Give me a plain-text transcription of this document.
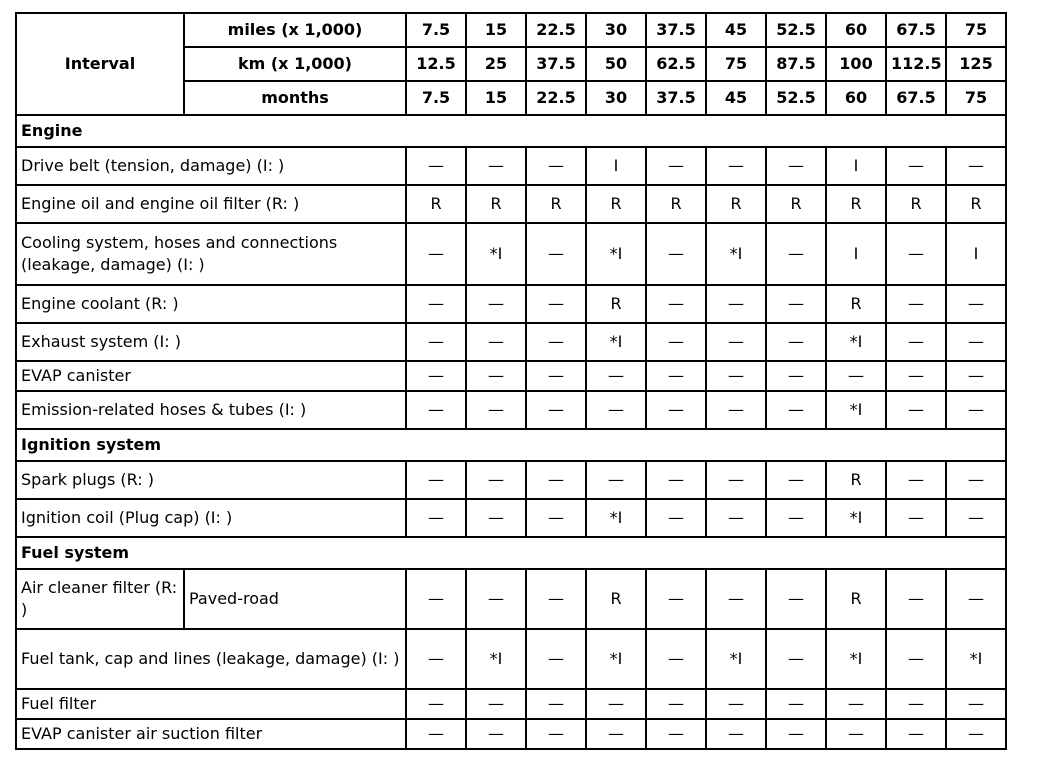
Interval	miles (x 1,000)	7.5	15	22.5	30	37.5	45	52.5	60	67.5	75
	km (x 1,000)	12.5	25	37.5	50	62.5	75	87.5	100	112.5	125
	months	7.5	15	22.5	30	37.5	45	52.5	60	67.5	75
Engine											
Drive belt (tension, damage) (I: )		—	—	—	I	—	—	—	I	—	—
Engine oil and engine oil filter (R: )		R	R	R	R	R	R	R	R	R	R
Cooling system, hoses and connections (leakage, damage) (I: )		—	*I	—	*I	—	*I	—	I	—	I
Engine coolant (R: )		—	—	—	R	—	—	—	R	—	—
Exhaust system (I: )		—	—	—	*I	—	—	—	*I	—	—
EVAP canister		—	—	—	—	—	—	—	—	—	—
Emission-related hoses & tubes (I: )		—	—	—	—	—	—	—	*I	—	—
Ignition system											
Spark plugs (R: )		—	—	—	—	—	—	—	R	—	—
Ignition coil (Plug cap) (I: )		—	—	—	*I	—	—	—	*I	—	—
Fuel system											
Air cleaner filter (R: )	Paved-road	—	—	—	R	—	—	—	R	—	—
Fuel tank, cap and lines (leakage, damage) (I: )		—	*I	—	*I	—	*I	—	*I	—	*I
Fuel filter		—	—	—	—	—	—	—	—	—	—
EVAP canister air suction filter		—	—	—	—	—	—	—	—	—	—
